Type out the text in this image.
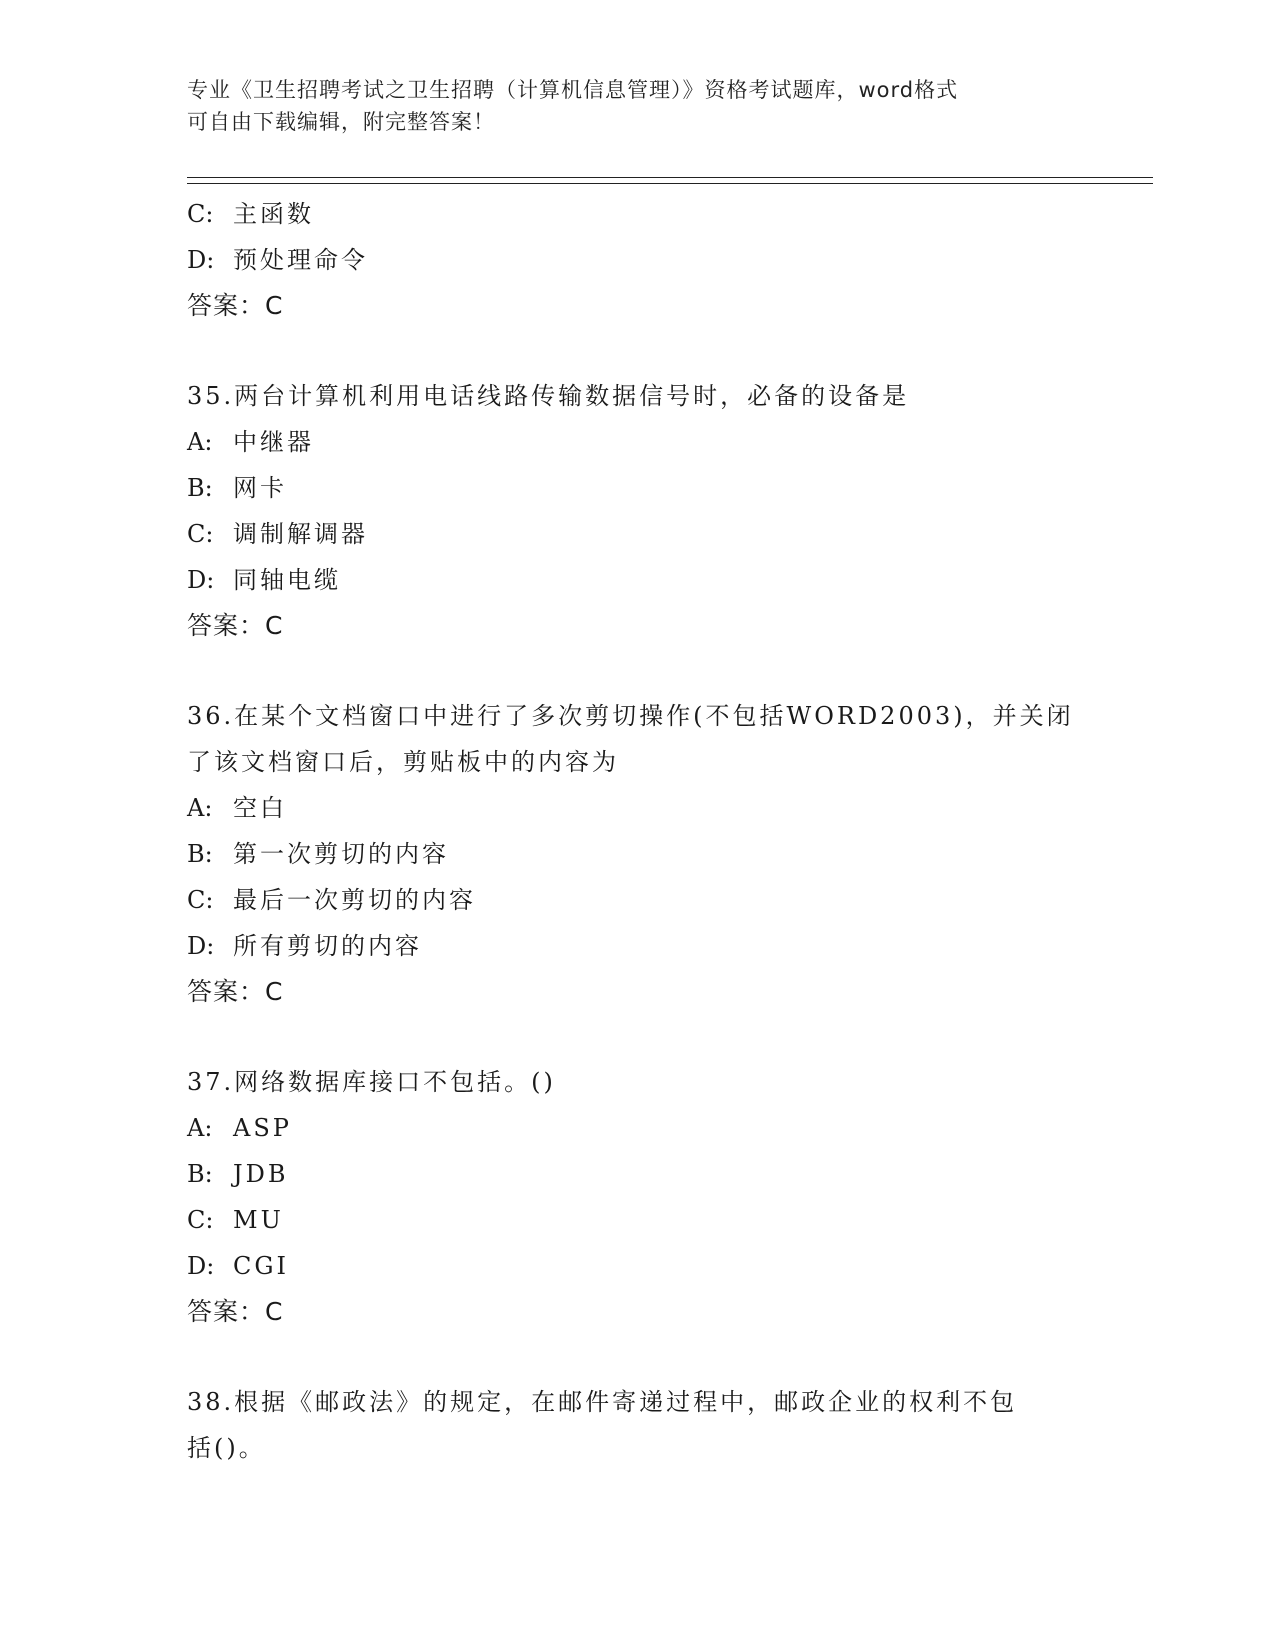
专业《卫生招聘考试之卫生招聘（计算机信息管理）》资格考试题库，word格式
可自由下载编辑，附完整答案！
C: 主函数
D: 预处理命令
答案：C
35.两台计算机利用电话线路传输数据信号时，必备的设备是
A: 中继器
B: 网卡
C: 调制解调器
D: 同轴电缆
答案：C
36.在某个文档窗口中进行了多次剪切操作(不包括WORD2003)，并关闭
了该文档窗口后，剪贴板中的内容为
A: 空白
B: 第一次剪切的内容
C: 最后一次剪切的内容
D: 所有剪切的内容
答案：C
37.网络数据库接口不包括。()
A: ASP
B: JDB
C: MU
D: CGI
答案：C
38.根据《邮政法》的规定，在邮件寄递过程中，邮政企业的权利不包
括()。
